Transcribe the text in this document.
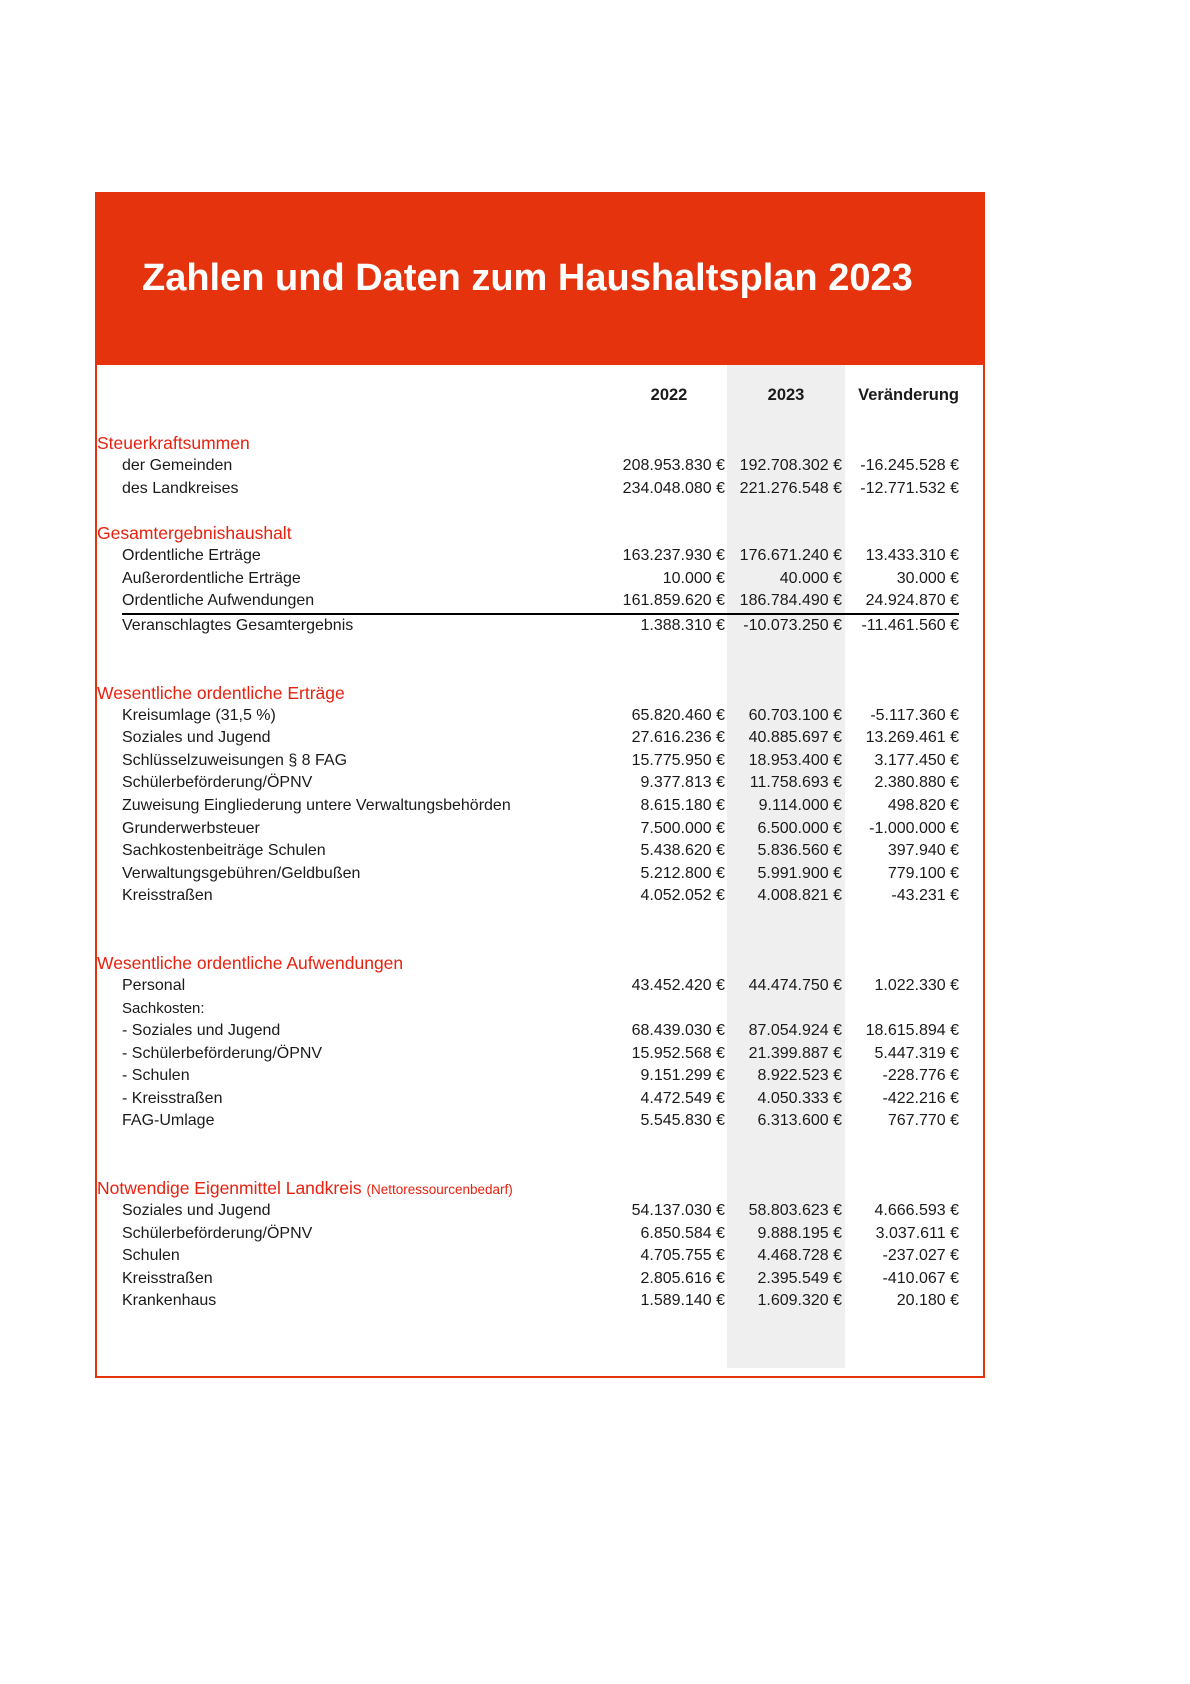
Zahlen und Daten zum Haushaltsplan 2023
2022	2023	Veränderung
Steuerkraftsummen
der Gemeinden	208.953.830 € 192.708.302 €	-16.245.528 €
des Landkreises	234.048.080 € 221.276.548 €	-12.771.532 €
Gesamtergebnishaushalt
Ordentliche Erträge	163.237.930 € 176.671.240 €	13.433.310 €
Außerordentliche Erträge	10.000 €	40.000 €	30.000 €
Ordentliche Aufwendungen	161.859.620 € 186.784.490 €	24.924.870 €
Veranschlagtes Gesamtergebnis	1.388.310 €	-10.073.250 €	-11.461.560 €
Wesentliche ordentliche Erträge
Kreisumlage (31,5 %)	65.820.460 €	60.703.100 €	-5.117.360 €
Soziales und Jugend	27.616.236 €	40.885.697 €	13.269.461 €
Schlüsselzuweisungen § 8 FAG	15.775.950 €	18.953.400 €	3.177.450 €
Schülerbeförderung/ÖPNV	9.377.813 €	11.758.693 €	2.380.880 €
Zuweisung Eingliederung untere Verwaltungsbehörden	8.615.180 €	9.114.000 €	498.820 €
Grunderwerbsteuer	7.500.000 €	6.500.000 €	-1.000.000 €
Sachkostenbeiträge Schulen	5.438.620 €	5.836.560 €	397.940 €
Verwaltungsgebühren/Geldbußen	5.212.800 €	5.991.900 €	779.100 €
Kreisstraßen	4.052.052 €	4.008.821 €	-43.231 €
Wesentliche ordentliche Aufwendungen
Personal	43.452.420 €	44.474.750 €	1.022.330 €
Sachkosten:
- Soziales und Jugend	68.439.030 €	87.054.924 €	18.615.894 €
- Schülerbeförderung/ÖPNV	15.952.568 €	21.399.887 €	5.447.319 €
- Schulen	9.151.299 €	8.922.523 €	-228.776 €
- Kreisstraßen	4.472.549 €	4.050.333 €	-422.216 €
FAG-Umlage	5.545.830 €	6.313.600 €	767.770 €
Notwendige Eigenmittel Landkreis (Nettoressourcenbedarf)
Soziales und Jugend	54.137.030 €	58.803.623 €	4.666.593 €
Schülerbeförderung/ÖPNV	6.850.584 €	9.888.195 €	3.037.611 €
Schulen	4.705.755 €	4.468.728 €	-237.027 €
Kreisstraßen	2.805.616 €	2.395.549 €	-410.067 €
Krankenhaus	1.589.140 €	1.609.320 €	20.180 €
